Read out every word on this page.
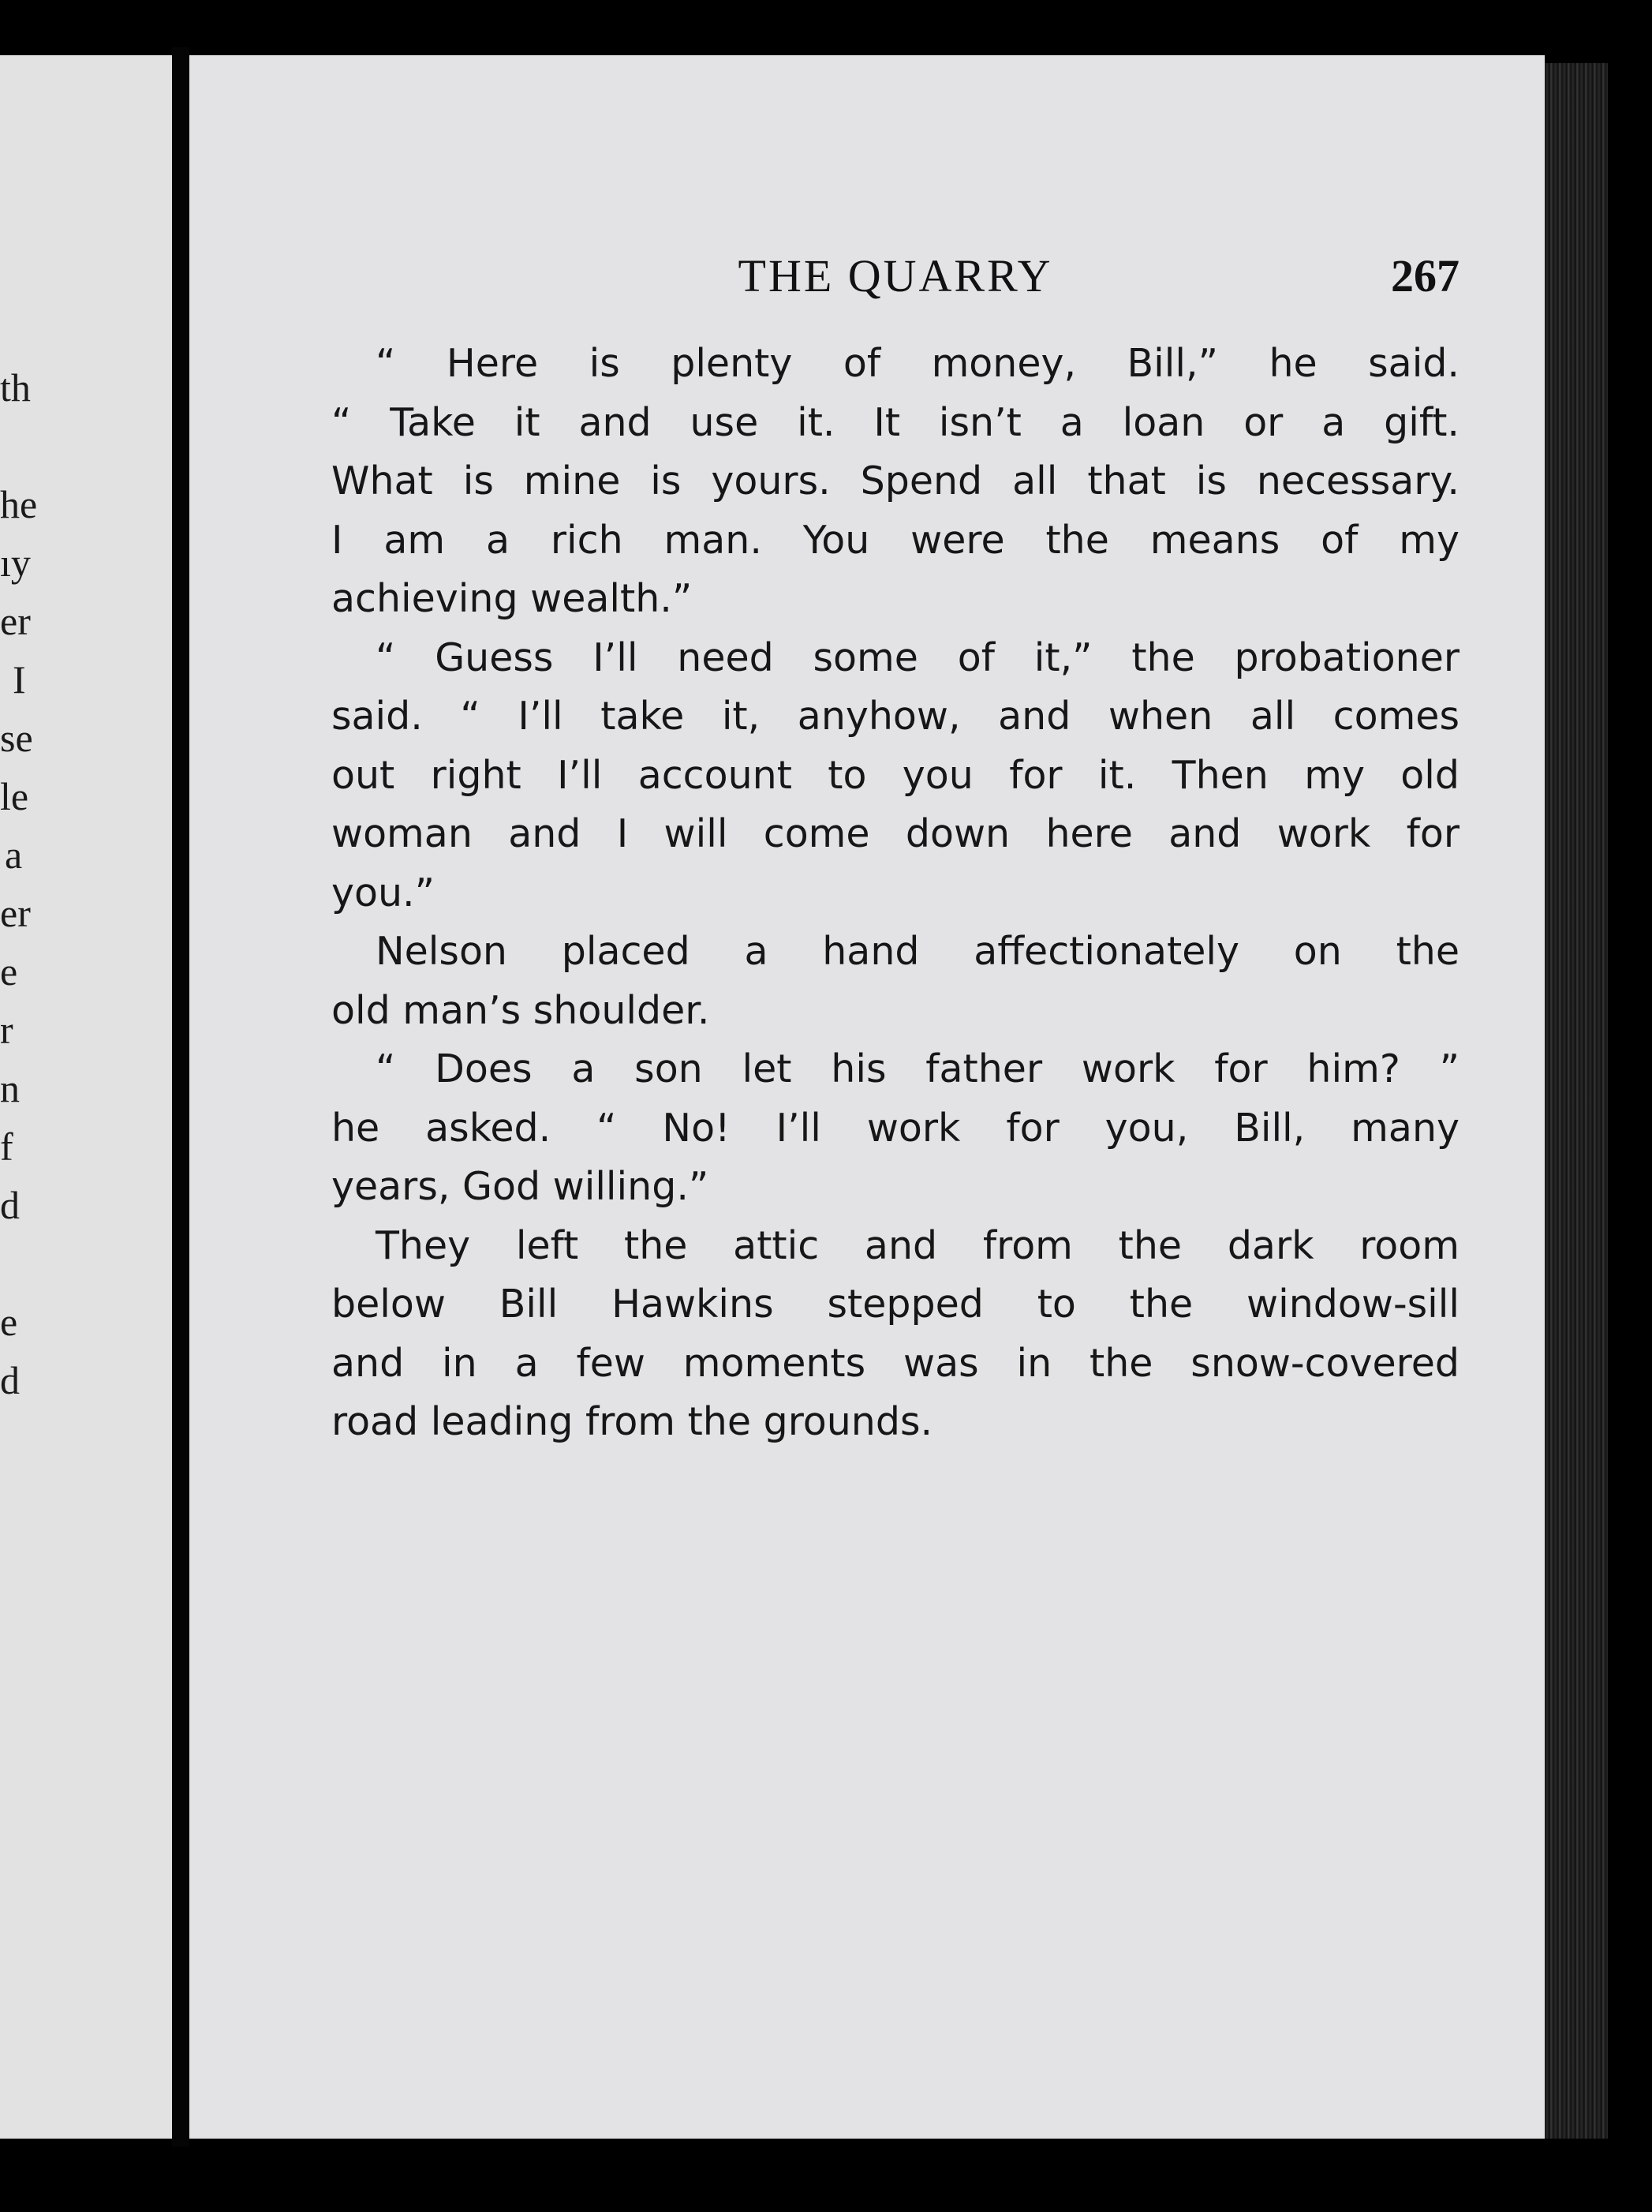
th
he
ıy
er
I
se
le
a
er
e
r
n
f
d
e
d
THE QUARRY	267
“ Here is plenty of money, Bill,” he said.
“ Take it and use it. It isn’t a loan or a gift.
What is mine is yours. Spend all that is necessary.
I am a rich man. You were the means of my
achieving wealth.”
“ Guess I’ll need some of it,” the probationer
said. “ I’ll take it, anyhow, and when all comes
out right I’ll account to you for it. Then my old
woman and I will come down here and work for
you.”
Nelson placed a hand affectionately on the
old man’s shoulder.
“ Does a son let his father work for him? ”
he asked. “ No! I’ll work for you, Bill, many
years, God willing.”
They left the attic and from the dark room
below Bill Hawkins stepped to the window-sill
and in a few moments was in the snow-covered
road leading from the grounds.
